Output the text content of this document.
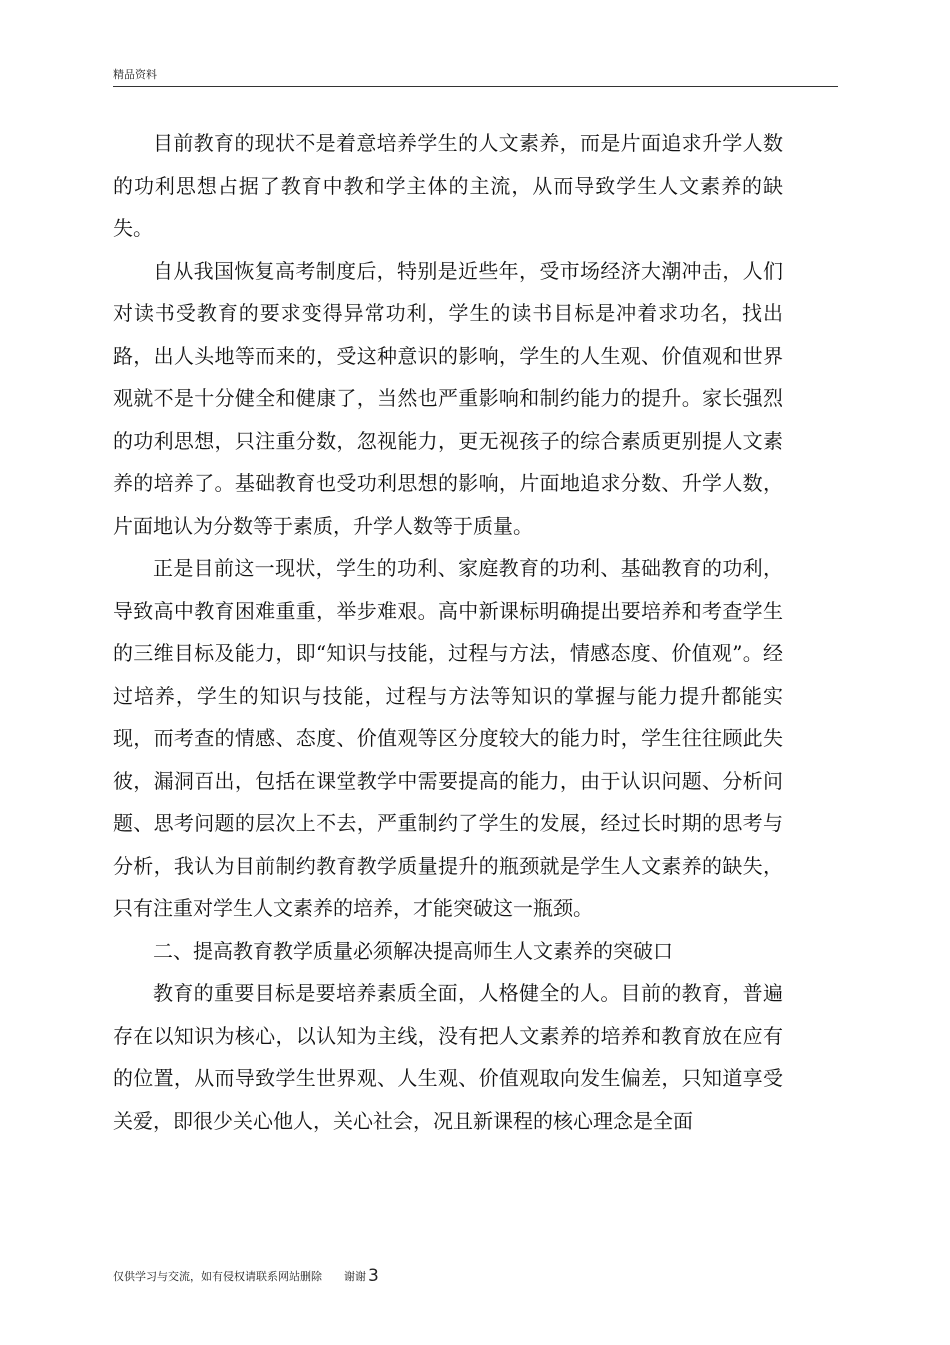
精品资料

目前教育的现状不是着意培养学生的人文素养，而是片面追求升学人数的功利思想占据了教育中教和学主体的主流，从而导致学生人文素养的缺失。

自从我国恢复高考制度后，特别是近些年，受市场经济大潮冲击，人们对读书受教育的要求变得异常功利，学生的读书目标是冲着求功名，找出路，出人头地等而来的，受这种意识的影响，学生的人生观、价值观和世界观就不是十分健全和健康了，当然也严重影响和制约能力的提升。家长强烈的功利思想，只注重分数，忽视能力，更无视孩子的综合素质更别提人文素养的培养了。基础教育也受功利思想的影响，片面地追求分数、升学人数，片面地认为分数等于素质，升学人数等于质量。

正是目前这一现状，学生的功利、家庭教育的功利、基础教育的功利，导致高中教育困难重重，举步难艰。高中新课标明确提出要培养和考查学生的三维目标及能力，即“知识与技能，过程与方法，情感态度、价值观”。经过培养，学生的知识与技能，过程与方法等知识的掌握与能力提升都能实现，而考查的情感、态度、价值观等区分度较大的能力时，学生往往顾此失彼，漏洞百出，包括在课堂教学中需要提高的能力，由于认识问题、分析问题、思考问题的层次上不去，严重制约了学生的发展，经过长时期的思考与分析，我认为目前制约教育教学质量提升的瓶颈就是学生人文素养的缺失，只有注重对学生人文素养的培养，才能突破这一瓶颈。

二、提高教育教学质量必须解决提高师生人文素养的突破口

教育的重要目标是要培养素质全面，人格健全的人。目前的教育，普遍存在以知识为核心，以认知为主线，没有把人文素养的培养和教育放在应有的位置，从而导致学生世界观、人生观、价值观取向发生偏差，只知道享受关爱，即很少关心他人，关心社会，况且新课程的核心理念是全面

仅供学习与交流，如有侵权请联系网站删除 谢谢 3
